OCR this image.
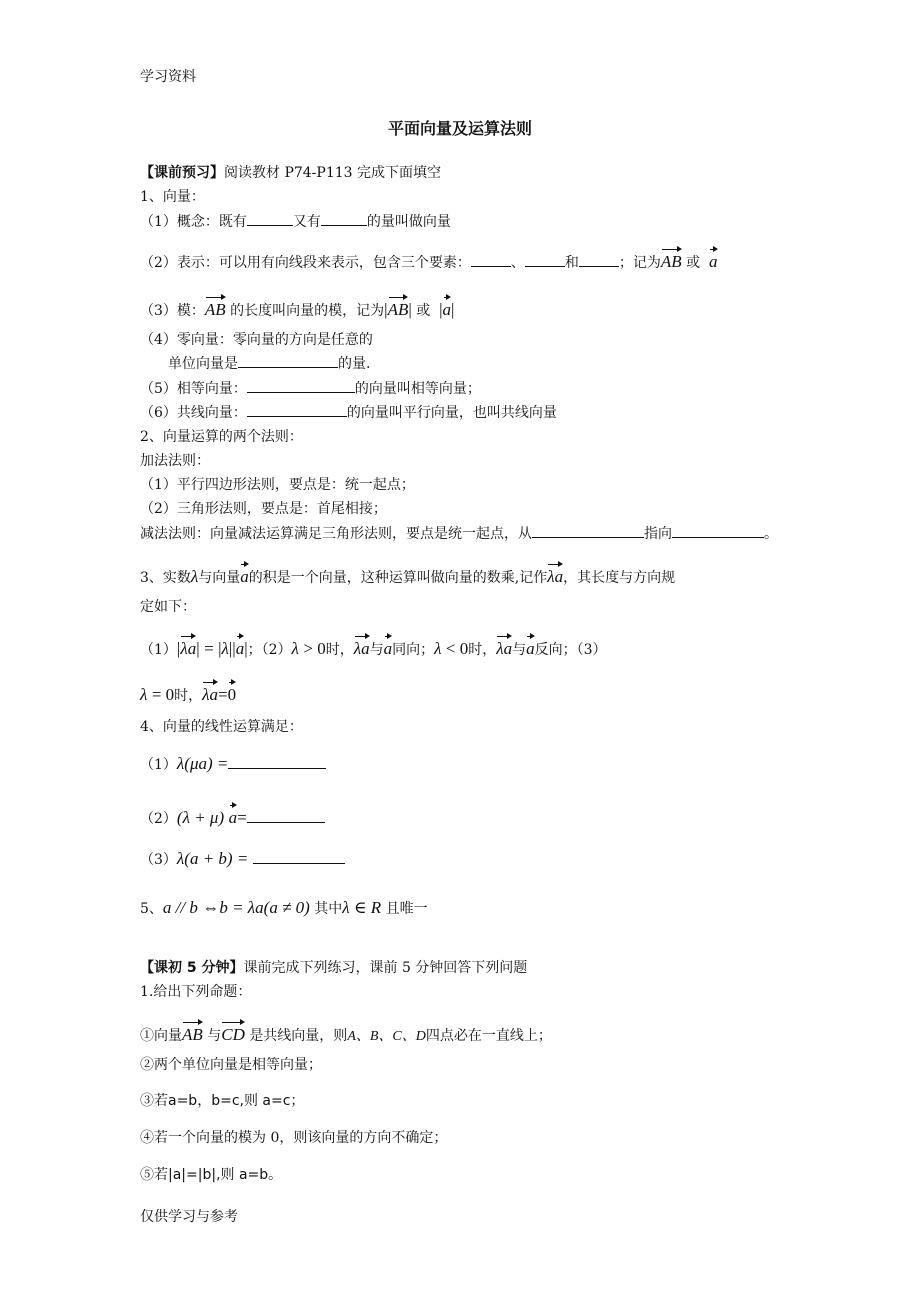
学习资料
平面向量及运算法则
【课前预习】阅读教材 P74-P113 完成下面填空
1、向量：
（1）概念：既有	又有	的量叫做向量
（2）表示：可以用有向线段来表示，包含三个要素：	、	和	；记为AB 或 a
（3）模：AB 的长度叫向量的模，记为|AB| 或 |a|
（4）零向量：零向量的方向是任意的
单位向量是	的量.
（5）相等向量：	的向量叫相等向量；
（6）共线向量：	的向量叫平行向量，也叫共线向量
2、向量运算的两个法则：
加法法则：
（1）平行四边形法则，要点是：统一起点；
（2）三角形法则，要点是：首尾相接；
减法法则：向量减法运算满足三角形法则，要点是统一起点，从	指向	。
3、实数λ与向量a的积是一个向量，这种运算叫做向量的数乘,记作λa，其长度与方向规
定如下：
（1）|λa| = |λ||a|；（2）λ > 0时，λa与a同向；λ < 0时，λa与a反向；（3）
λ = 0时，λa=0
4、向量的线性运算满足：
（1）λ(μa) =
（2）(λ + μ) a=
（3）λ(a + b) =
5、a // b ⇔b = λa(a ≠ 0) 其中λ ∈ R 且唯一
【课初 5 分钟】课前完成下列练习，课前 5 分钟回答下列问题
1.给出下列命题：
①向量AB 与CD 是共线向量，则A、B、C、D四点必在一直线上；
②两个单位向量是相等向量；
③若a=b，b=c,则 a=c；
④若一个向量的模为 0，则该向量的方向不确定；
⑤若|a|=|b|,则 a=b。
仅供学习与参考
